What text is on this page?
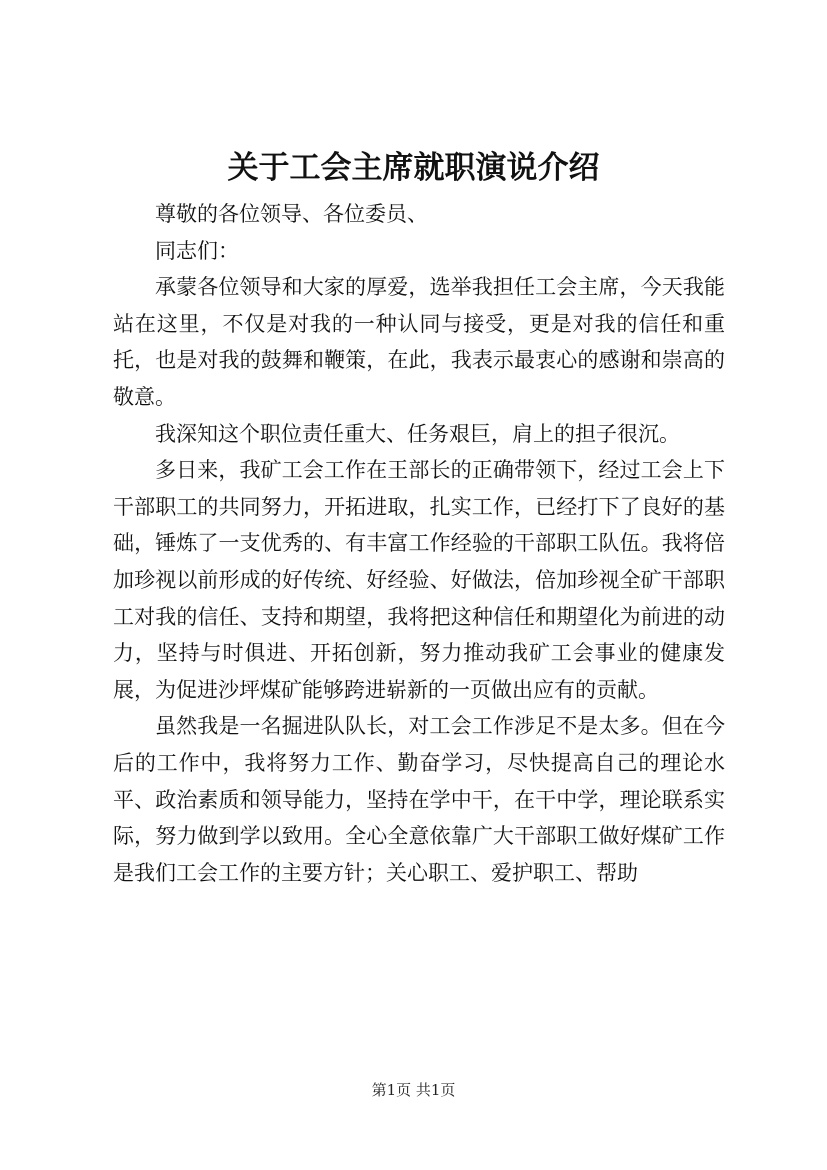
关于工会主席就职演说介绍

尊敬的各位领导、各位委员、

同志们：

承蒙各位领导和大家的厚爱，选举我担任工会主席，今天我能站在这里，不仅是对我的一种认同与接受，更是对我的信任和重托，也是对我的鼓舞和鞭策，在此，我表示最衷心的感谢和崇高的敬意。

我深知这个职位责任重大、任务艰巨，肩上的担子很沉。

多日来，我矿工会工作在王部长的正确带领下，经过工会上下干部职工的共同努力，开拓进取，扎实工作，已经打下了良好的基础，锤炼了一支优秀的、有丰富工作经验的干部职工队伍。我将倍加珍视以前形成的好传统、好经验、好做法，倍加珍视全矿干部职工对我的信任、支持和期望，我将把这种信任和期望化为前进的动力，坚持与时俱进、开拓创新，努力推动我矿工会事业的健康发展，为促进沙坪煤矿能够跨进崭新的一页做出应有的贡献。

虽然我是一名掘进队队长，对工会工作涉足不是太多。但在今后的工作中，我将努力工作、勤奋学习，尽快提高自己的理论水平、政治素质和领导能力，坚持在学中干，在干中学，理论联系实际，努力做到学以致用。全心全意依靠广大干部职工做好煤矿工作是我们工会工作的主要方针；关心职工、爱护职工、帮助

第1页 共1页
